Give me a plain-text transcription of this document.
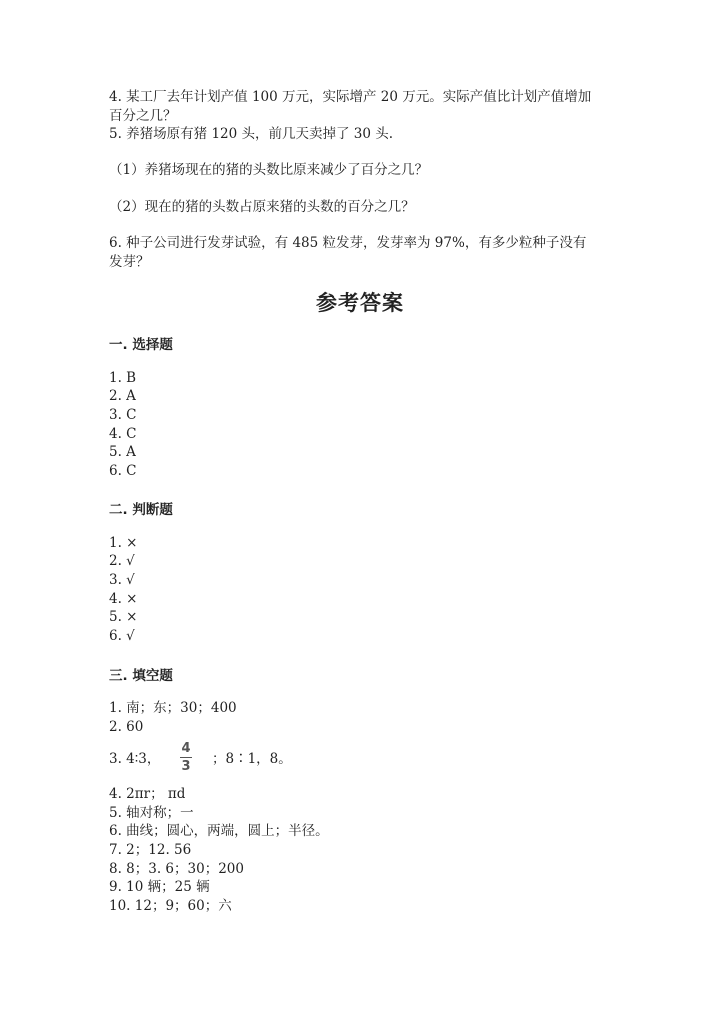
4. 某工厂去年计划产值 100 万元，实际增产 20 万元。实际产值比计划产值增加
百分之几？
5. 养猪场原有猪 120 头，前几天卖掉了 30 头.
（1）养猪场现在的猪的头数比原来减少了百分之几？
（2）现在的猪的头数占原来猪的头数的百分之几？
6. 种子公司进行发芽试验，有 485 粒发芽，发芽率为 97%，有多少粒种子没有
发芽？
参考答案
一. 选择题
1. B
2. A
3. C
4. C
5. A
6. C
二. 判断题
1. ×
2. √
3. √
4. ×
5. ×
6. √
三. 填空题
1. 南；东；30；400
2. 60
3. 4∶3，
4
3 ；8∶1，8。
4. 2πr； πd
5. 轴对称；一
6. 曲线；圆心，两端，圆上；半径。
7. 2；12. 56
8. 8；3. 6；30；200
9. 10 辆；25 辆
10. 12；9；60；六
